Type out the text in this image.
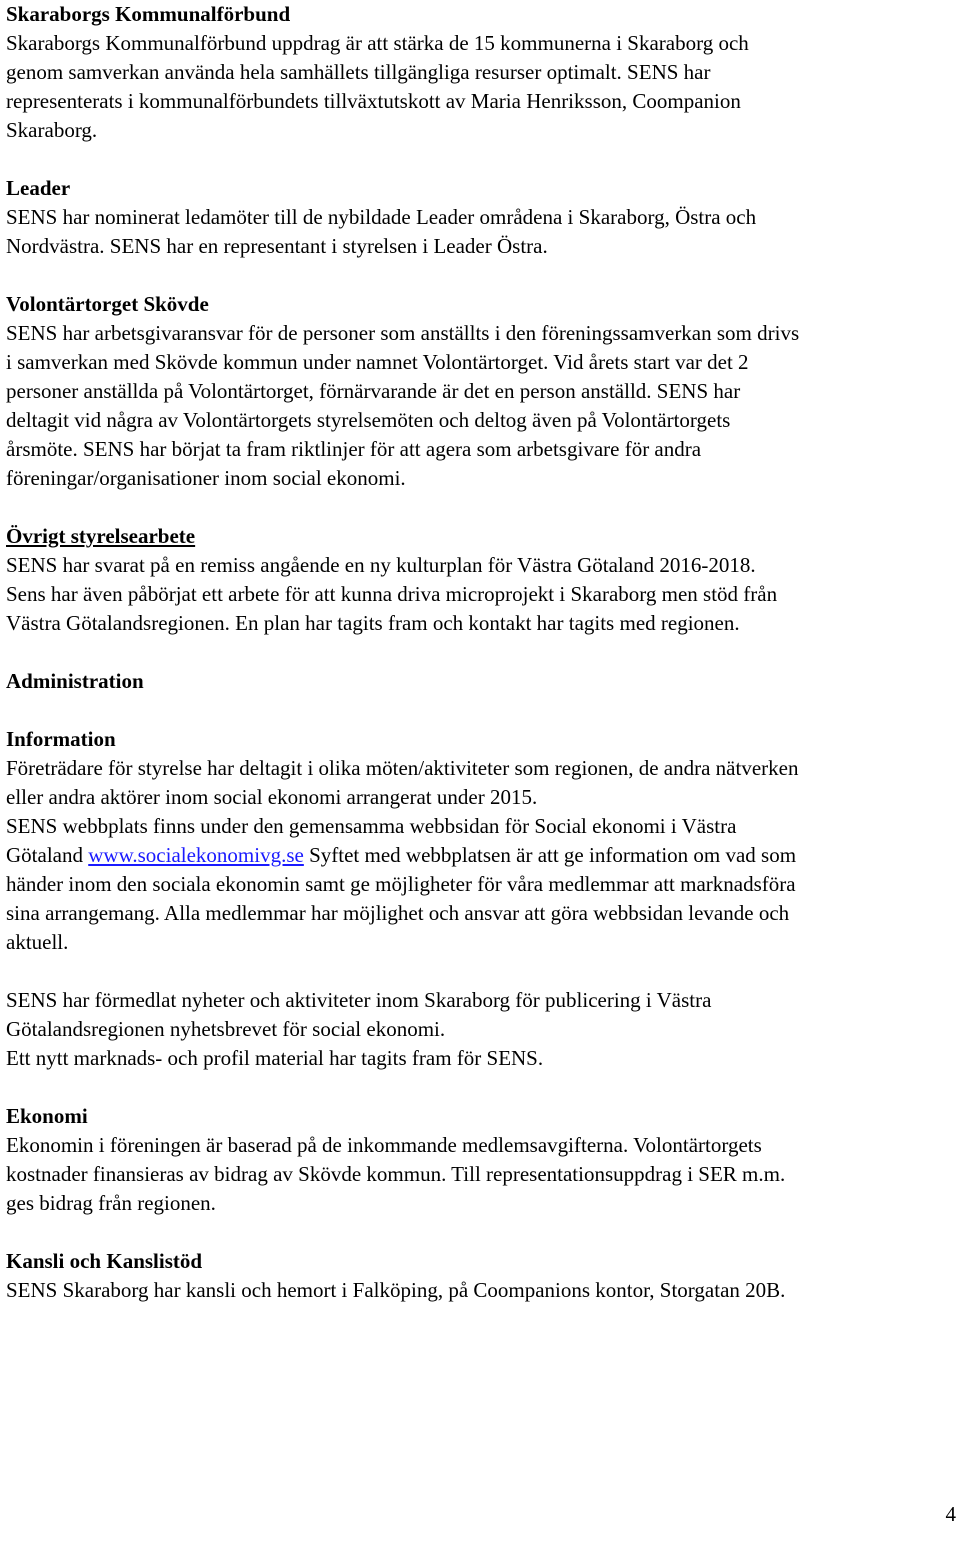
Skaraborgs Kommunalförbund
Skaraborgs Kommunalförbund uppdrag är att stärka de 15 kommunerna i Skaraborg och
genom samverkan använda hela samhällets tillgängliga resurser optimalt. SENS har
representerats i kommunalförbundets tillväxtutskott av Maria Henriksson, Coompanion
Skaraborg.
Leader
SENS har nominerat ledamöter till de nybildade Leader områdena i Skaraborg, Östra och
Nordvästra. SENS har en representant i styrelsen i Leader Östra.
Volontärtorget Skövde
SENS har arbetsgivaransvar för de personer som anställts i den föreningssamverkan som drivs
i samverkan med Skövde kommun under namnet Volontärtorget. Vid årets start var det 2
personer anställda på Volontärtorget, förnärvarande är det en person anställd. SENS har
deltagit vid några av Volontärtorgets styrelsemöten och deltog även på Volontärtorgets
årsmöte. SENS har börjat ta fram riktlinjer för att agera som arbetsgivare för andra
föreningar/organisationer inom social ekonomi.
Övrigt styrelsearbete
SENS har svarat på en remiss angående en ny kulturplan för Västra Götaland 2016-2018.
Sens har även påbörjat ett arbete för att kunna driva microprojekt i Skaraborg men stöd från
Västra Götalandsregionen. En plan har tagits fram och kontakt har tagits med regionen.
Administration
Information
Företrädare för styrelse har deltagit i olika möten/aktiviteter som regionen, de andra nätverken
eller andra aktörer inom social ekonomi arrangerat under 2015.
SENS webbplats finns under den gemensamma webbsidan för Social ekonomi i Västra
Götaland www.socialekonomivg.se Syftet med webbplatsen är att ge information om vad som
händer inom den sociala ekonomin samt ge möjligheter för våra medlemmar att marknadsföra
sina arrangemang. Alla medlemmar har möjlighet och ansvar att göra webbsidan levande och
aktuell.
SENS har förmedlat nyheter och aktiviteter inom Skaraborg för publicering i Västra
Götalandsregionen nyhetsbrevet för social ekonomi.
Ett nytt marknads- och profil material har tagits fram för SENS.
Ekonomi
Ekonomin i föreningen är baserad på de inkommande medlemsavgifterna. Volontärtorgets
kostnader finansieras av bidrag av Skövde kommun. Till representationsuppdrag i SER m.m.
ges bidrag från regionen.
Kansli och Kanslistöd
SENS Skaraborg har kansli och hemort i Falköping, på Coompanions kontor, Storgatan 20B.
4
